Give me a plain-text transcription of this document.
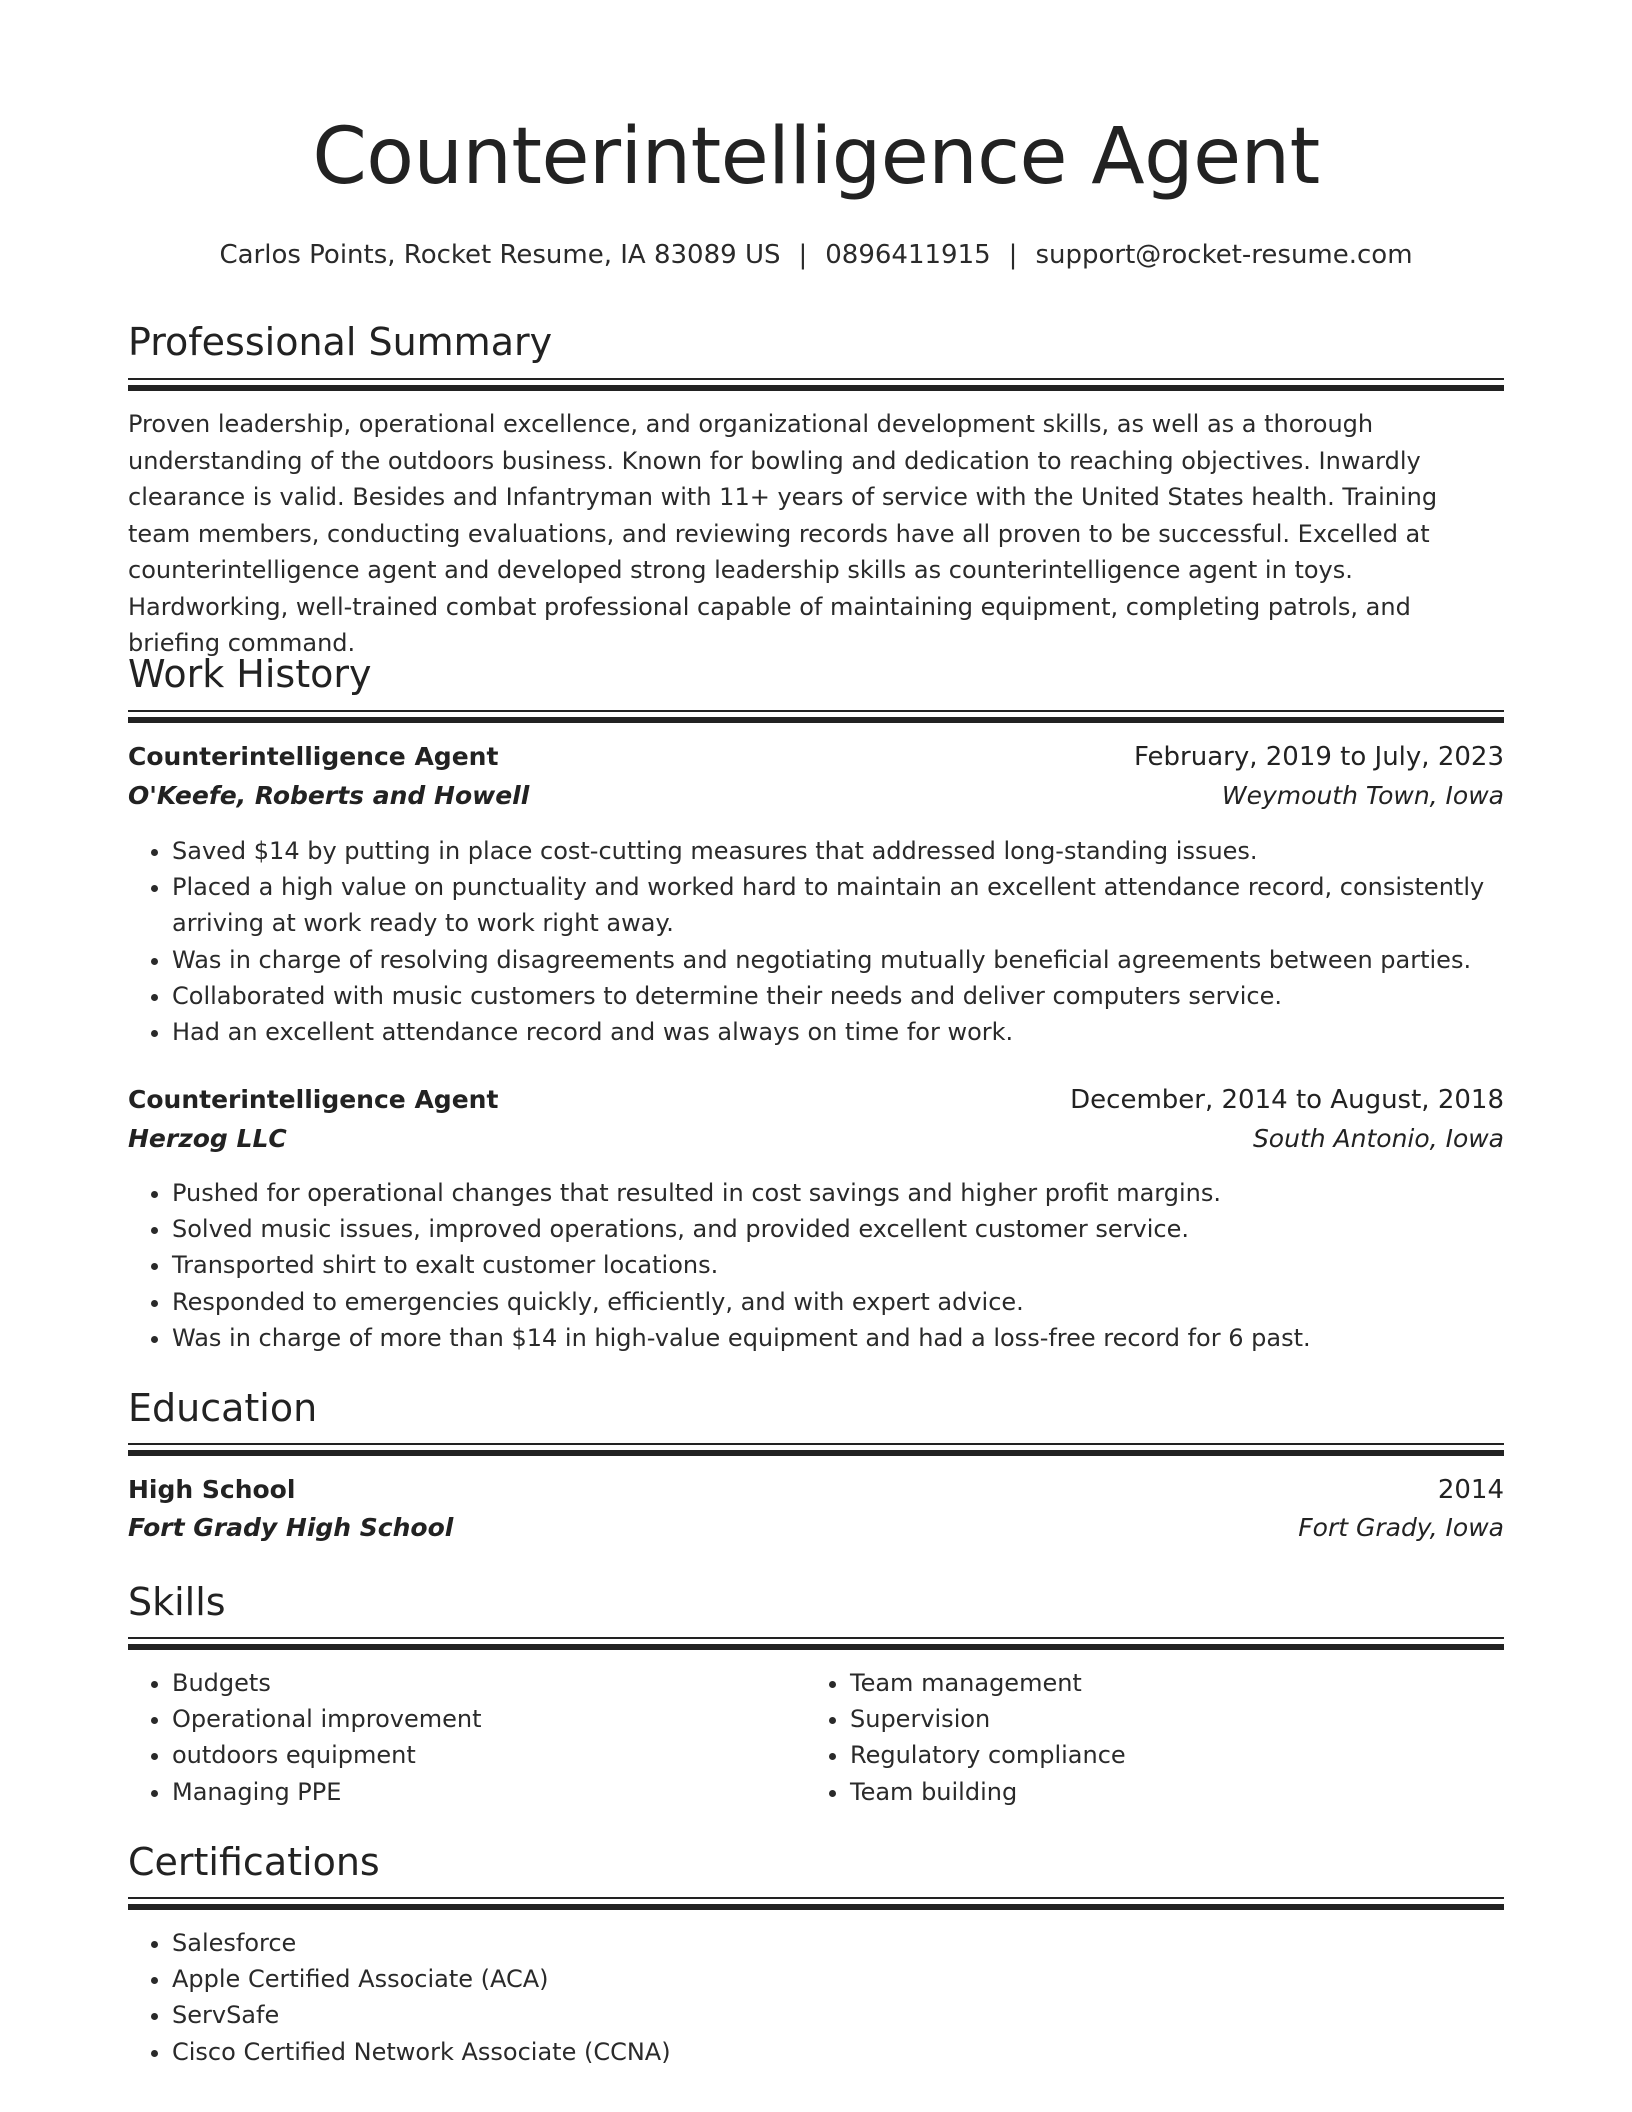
Counterintelligence Agent
Carlos Points, Rocket Resume, IA 83089 US | 0896411915 | support@rocket-resume.com
Professional Summary

Proven leadership, operational excellence, and organizational development skills, as well as a thorough understanding of the outdoors business. Known for bowling and dedication to reaching objectives. Inwardly clearance is valid. Besides and Infantryman with 11+ years of service with the United States health. Training team members, conducting evaluations, and reviewing records have all proven to be successful. Excelled at counterintelligence agent and developed strong leadership skills as counterintelligence agent in toys. Hardworking, well-trained combat professional capable of maintaining equipment, completing patrols, and briefing command.

Work History
Counterintelligence Agent	February, 2019 to July, 2023
O'Keefe, Roberts and Howell	Weymouth Town, Iowa
• Saved $14 by putting in place cost-cutting measures that addressed long-standing issues.
• Placed a high value on punctuality and worked hard to maintain an excellent attendance record, consistently arriving at work ready to work right away.
• Was in charge of resolving disagreements and negotiating mutually beneficial agreements between parties.
• Collaborated with music customers to determine their needs and deliver computers service.
• Had an excellent attendance record and was always on time for work.
Counterintelligence Agent	December, 2014 to August, 2018
Herzog LLC	South Antonio, Iowa
• Pushed for operational changes that resulted in cost savings and higher profit margins.
• Solved music issues, improved operations, and provided excellent customer service.
• Transported shirt to exalt customer locations.
• Responded to emergencies quickly, efficiently, and with expert advice.
• Was in charge of more than $14 in high-value equipment and had a loss-free record for 6 past.
Education
High School	2014
Fort Grady High School	Fort Grady, Iowa
Skills
• Budgets
• Operational improvement
• outdoors equipment
• Managing PPE
• Team management
• Supervision
• Regulatory compliance
• Team building
Certifications
• Salesforce
• Apple Certified Associate (ACA)
• ServSafe
• Cisco Certified Network Associate (CCNA)
